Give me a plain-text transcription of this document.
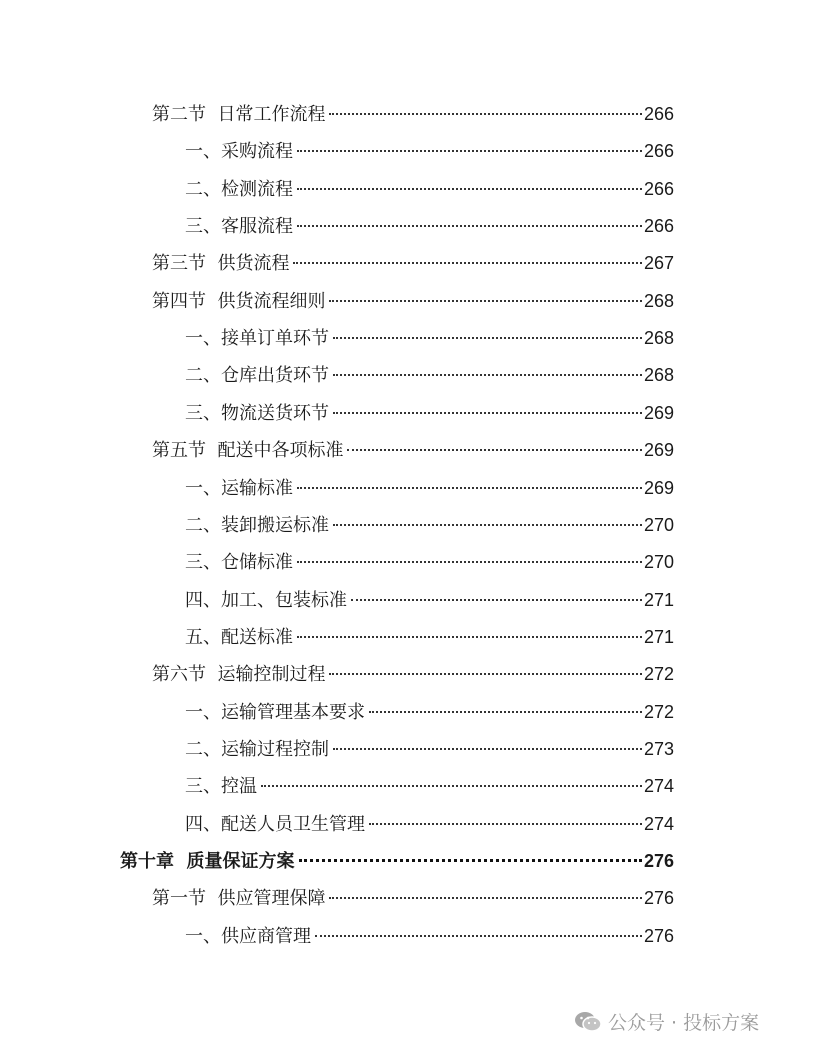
第二节  日常工作流程	266
一、采购流程	266
二、检测流程	266
三、客服流程	266
第三节  供货流程	267
第四节  供货流程细则	268
一、接单订单环节	268
二、仓库出货环节	268
三、物流送货环节	269
第五节  配送中各项标准	269
一、运输标准	269
二、装卸搬运标准	270
三、仓储标准	270
四、加工、包装标准	271
五、配送标准	271
第六节  运输控制过程	272
一、运输管理基本要求	272
二、运输过程控制	273
三、控温	274
四、配送人员卫生管理	274
第十章  质量保证方案	276
第一节  供应管理保障	276
一、供应商管理	276
公众号 · 投标方案
